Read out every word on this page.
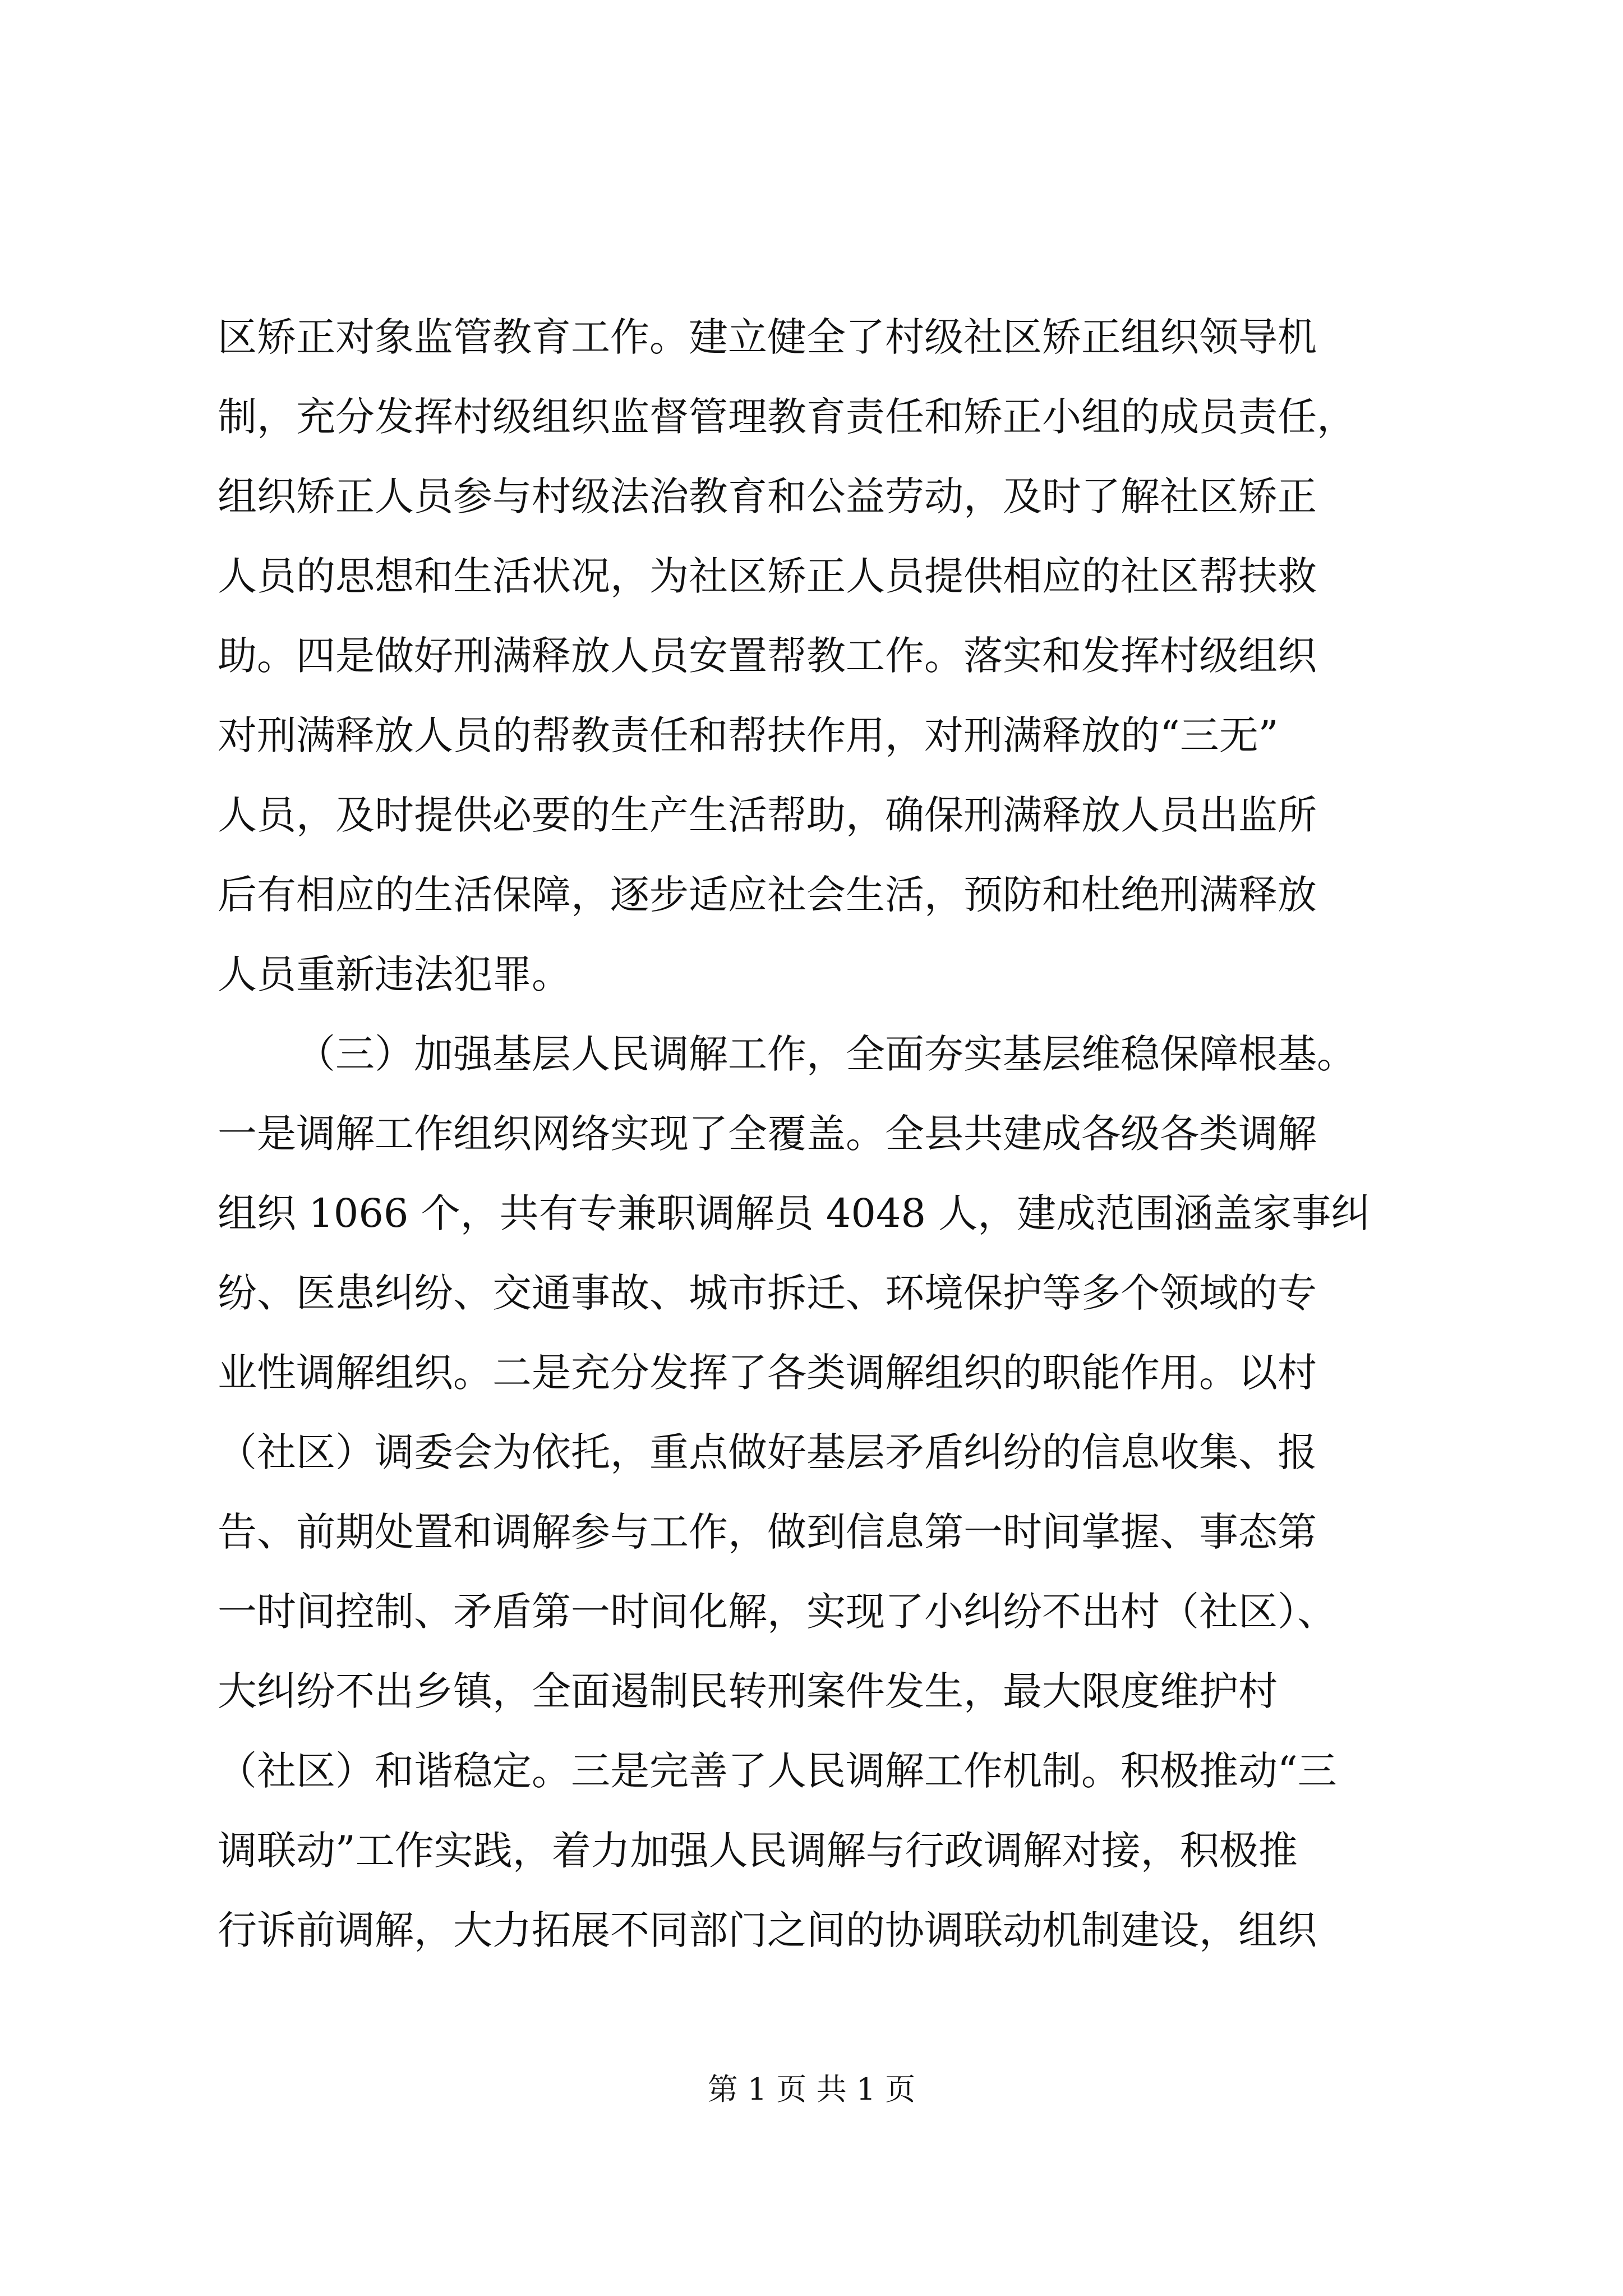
区矫正对象监管教育工作。建立健全了村级社区矫正组织领导机
制，充分发挥村级组织监督管理教育责任和矫正小组的成员责任，
组织矫正人员参与村级法治教育和公益劳动，及时了解社区矫正
人员的思想和生活状况，为社区矫正人员提供相应的社区帮扶救
助。四是做好刑满释放人员安置帮教工作。落实和发挥村级组织
对刑满释放人员的帮教责任和帮扶作用，对刑满释放的“三无”
人员，及时提供必要的生产生活帮助，确保刑满释放人员出监所
后有相应的生活保障，逐步适应社会生活，预防和杜绝刑满释放
人员重新违法犯罪。
（三）加强基层人民调解工作，全面夯实基层维稳保障根基。
一是调解工作组织网络实现了全覆盖。全县共建成各级各类调解
组织 1066 个，共有专兼职调解员 4048 人，建成范围涵盖家事纠
纷、医患纠纷、交通事故、城市拆迁、环境保护等多个领域的专
业性调解组织。二是充分发挥了各类调解组织的职能作用。以村
（社区）调委会为依托，重点做好基层矛盾纠纷的信息收集、报
告、前期处置和调解参与工作，做到信息第一时间掌握、事态第
一时间控制、矛盾第一时间化解，实现了小纠纷不出村（社区）、
大纠纷不出乡镇，全面遏制民转刑案件发生，最大限度维护村
（社区）和谐稳定。三是完善了人民调解工作机制。积极推动“三
调联动”工作实践，着力加强人民调解与行政调解对接，积极推
行诉前调解，大力拓展不同部门之间的协调联动机制建设，组织
第 1 页 共 1 页
